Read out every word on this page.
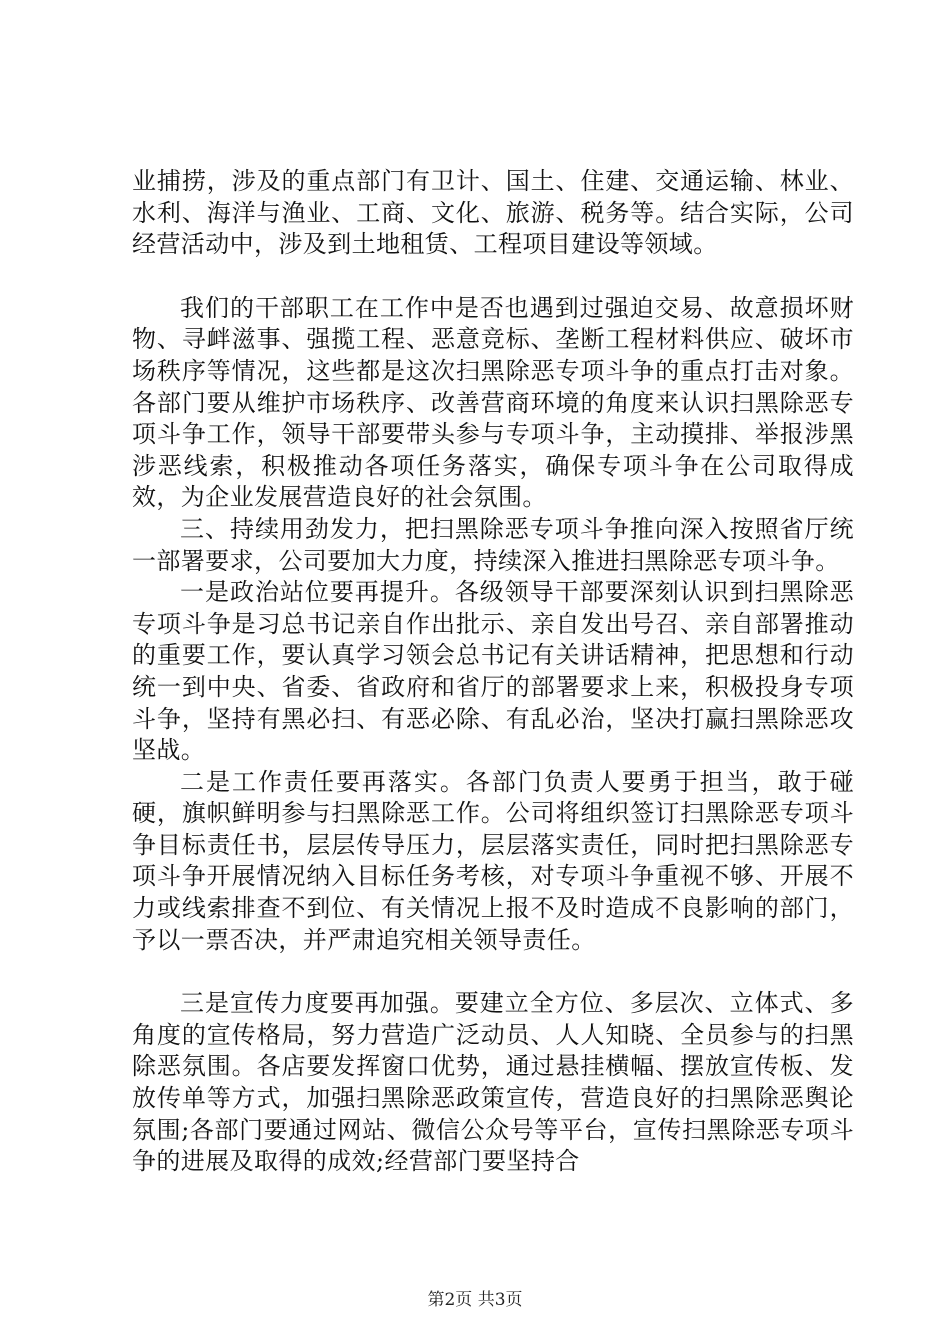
业捕捞，涉及的重点部门有卫计、国土、住建、交通运输、林业、水利、海洋与渔业、工商、文化、旅游、税务等。结合实际，公司经营活动中，涉及到土地租赁、工程项目建设等领域。

我们的干部职工在工作中是否也遇到过强迫交易、故意损坏财物、寻衅滋事、强揽工程、恶意竞标、垄断工程材料供应、破坏市场秩序等情况，这些都是这次扫黑除恶专项斗争的重点打击对象。各部门要从维护市场秩序、改善营商环境的角度来认识扫黑除恶专项斗争工作，领导干部要带头参与专项斗争，主动摸排、举报涉黑涉恶线索，积极推动各项任务落实，确保专项斗争在公司取得成效，为企业发展营造良好的社会氛围。

三、持续用劲发力，把扫黑除恶专项斗争推向深入按照省厅统一部署要求，公司要加大力度，持续深入推进扫黑除恶专项斗争。

一是政治站位要再提升。各级领导干部要深刻认识到扫黑除恶专项斗争是习总书记亲自作出批示、亲自发出号召、亲自部署推动的重要工作，要认真学习领会总书记有关讲话精神，把思想和行动统一到中央、省委、省政府和省厅的部署要求上来，积极投身专项斗争，坚持有黑必扫、有恶必除、有乱必治，坚决打赢扫黑除恶攻坚战。

二是工作责任要再落实。各部门负责人要勇于担当，敢于碰硬，旗帜鲜明参与扫黑除恶工作。公司将组织签订扫黑除恶专项斗争目标责任书，层层传导压力，层层落实责任，同时把扫黑除恶专项斗争开展情况纳入目标任务考核，对专项斗争重视不够、开展不力或线索排查不到位、有关情况上报不及时造成不良影响的部门，予以一票否决，并严肃追究相关领导责任。

三是宣传力度要再加强。要建立全方位、多层次、立体式、多角度的宣传格局，努力营造广泛动员、人人知晓、全员参与的扫黑除恶氛围。各店要发挥窗口优势，通过悬挂横幅、摆放宣传板、发放传单等方式，加强扫黑除恶政策宣传，营造良好的扫黑除恶舆论氛围;各部门要通过网站、微信公众号等平台，宣传扫黑除恶专项斗争的进展及取得的成效;经营部门要坚持合

第2页 共3页
